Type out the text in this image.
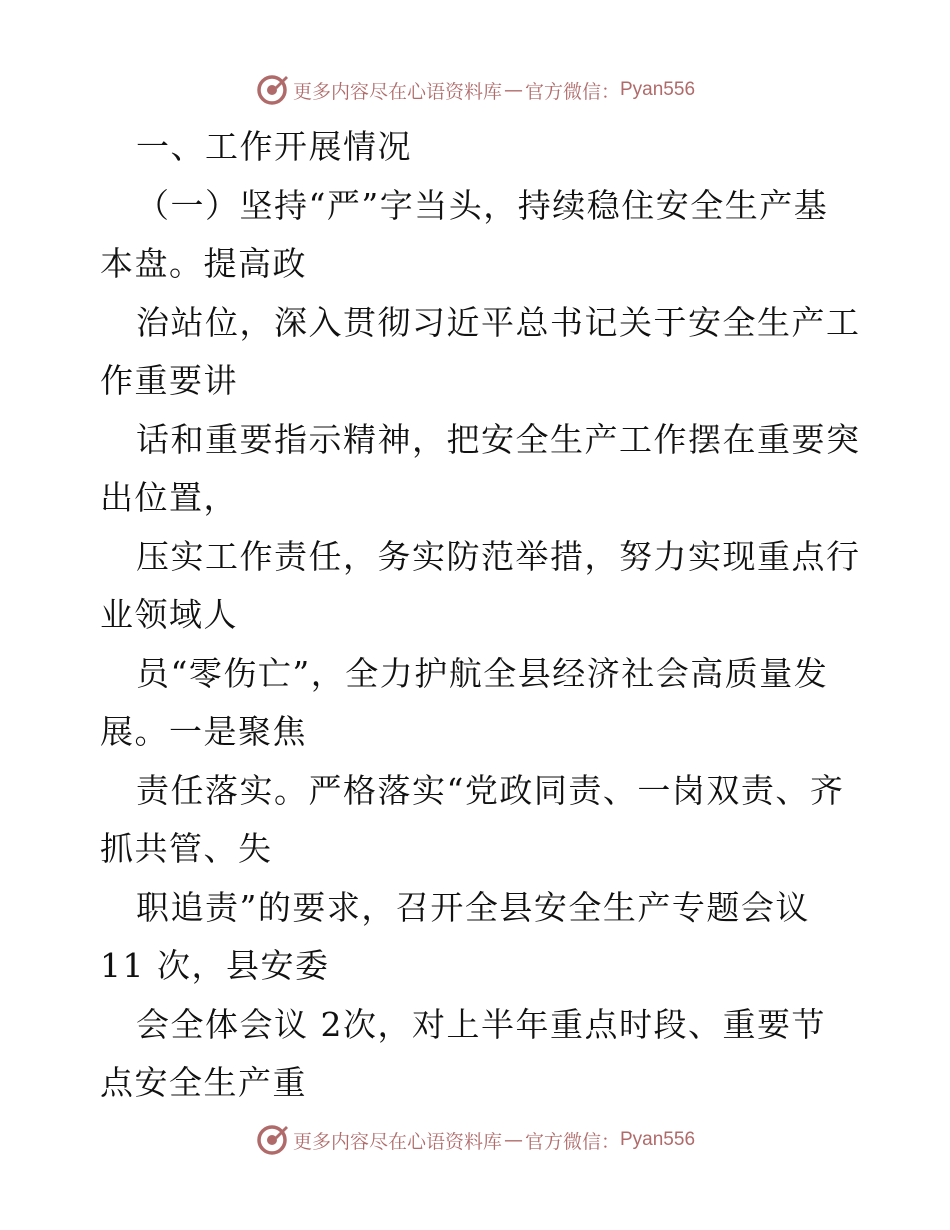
更多内容尽在心语资料库 — 官方微信： Pyan556
一、工作开展情况
（一）坚持“严”字当头，持续稳住安全生产基
本盘。提高政
治站位，深入贯彻习近平总书记关于安全生产工
作重要讲
话和重要指示精神，把安全生产工作摆在重要突
出位置，
压实工作责任，务实防范举措，努力实现重点行
业领域人
员“零伤亡”，全力护航全县经济社会高质量发
展。一是聚焦
责任落实。严格落实“党政同责、一岗双责、齐
抓共管、失
职追责”的要求，召开全县安全生产专题会议
11 次，县安委
会全体会议 2次，对上半年重点时段、重要节
点安全生产重
更多内容尽在心语资料库 — 官方微信： Pyan556
